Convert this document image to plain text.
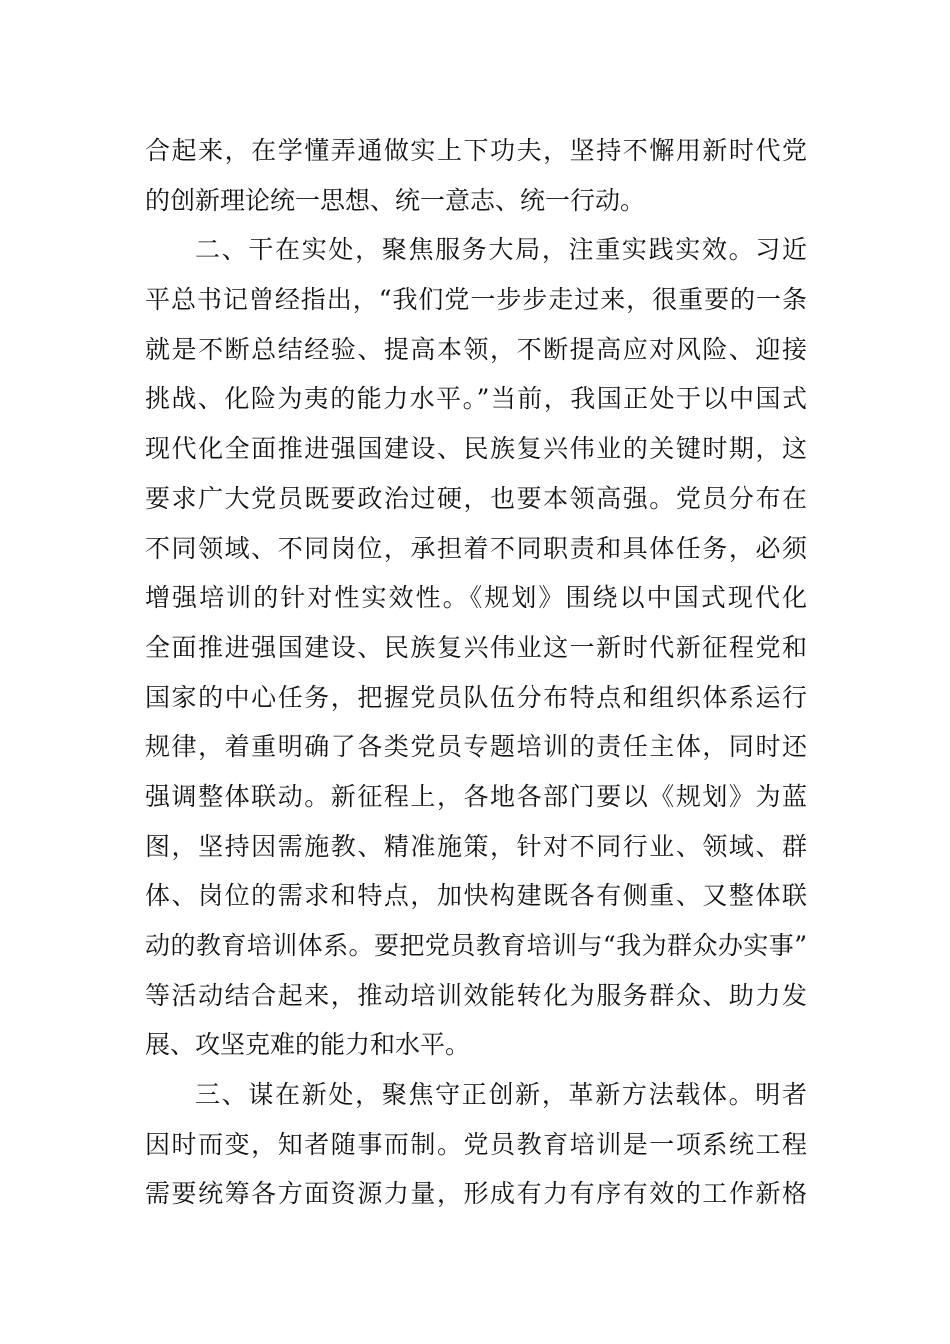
合起来，在学懂弄通做实上下功夫，坚持不懈用新时代党
的创新理论统一思想、统一意志、统一行动。
二、干在实处，聚焦服务大局，注重实践实效。习近
平总书记曾经指出，“我们党一步步走过来，很重要的一条
就是不断总结经验、提高本领，不断提高应对风险、迎接
挑战、化险为夷的能力水平。”当前，我国正处于以中国式
现代化全面推进强国建设、民族复兴伟业的关键时期，这
要求广大党员既要政治过硬，也要本领高强。党员分布在
不同领域、不同岗位，承担着不同职责和具体任务，必须
增强培训的针对性实效性。《规划》围绕以中国式现代化
全面推进强国建设、民族复兴伟业这一新时代新征程党和
国家的中心任务，把握党员队伍分布特点和组织体系运行
规律，着重明确了各类党员专题培训的责任主体，同时还
强调整体联动。新征程上，各地各部门要以《规划》为蓝
图，坚持因需施教、精准施策，针对不同行业、领域、群
体、岗位的需求和特点，加快构建既各有侧重、又整体联
动的教育培训体系。要把党员教育培训与“我为群众办实事”
等活动结合起来，推动培训效能转化为服务群众、助力发
展、攻坚克难的能力和水平。
三、谋在新处，聚焦守正创新，革新方法载体。明者
因时而变，知者随事而制。党员教育培训是一项系统工程
需要统筹各方面资源力量，形成有力有序有效的工作新格
